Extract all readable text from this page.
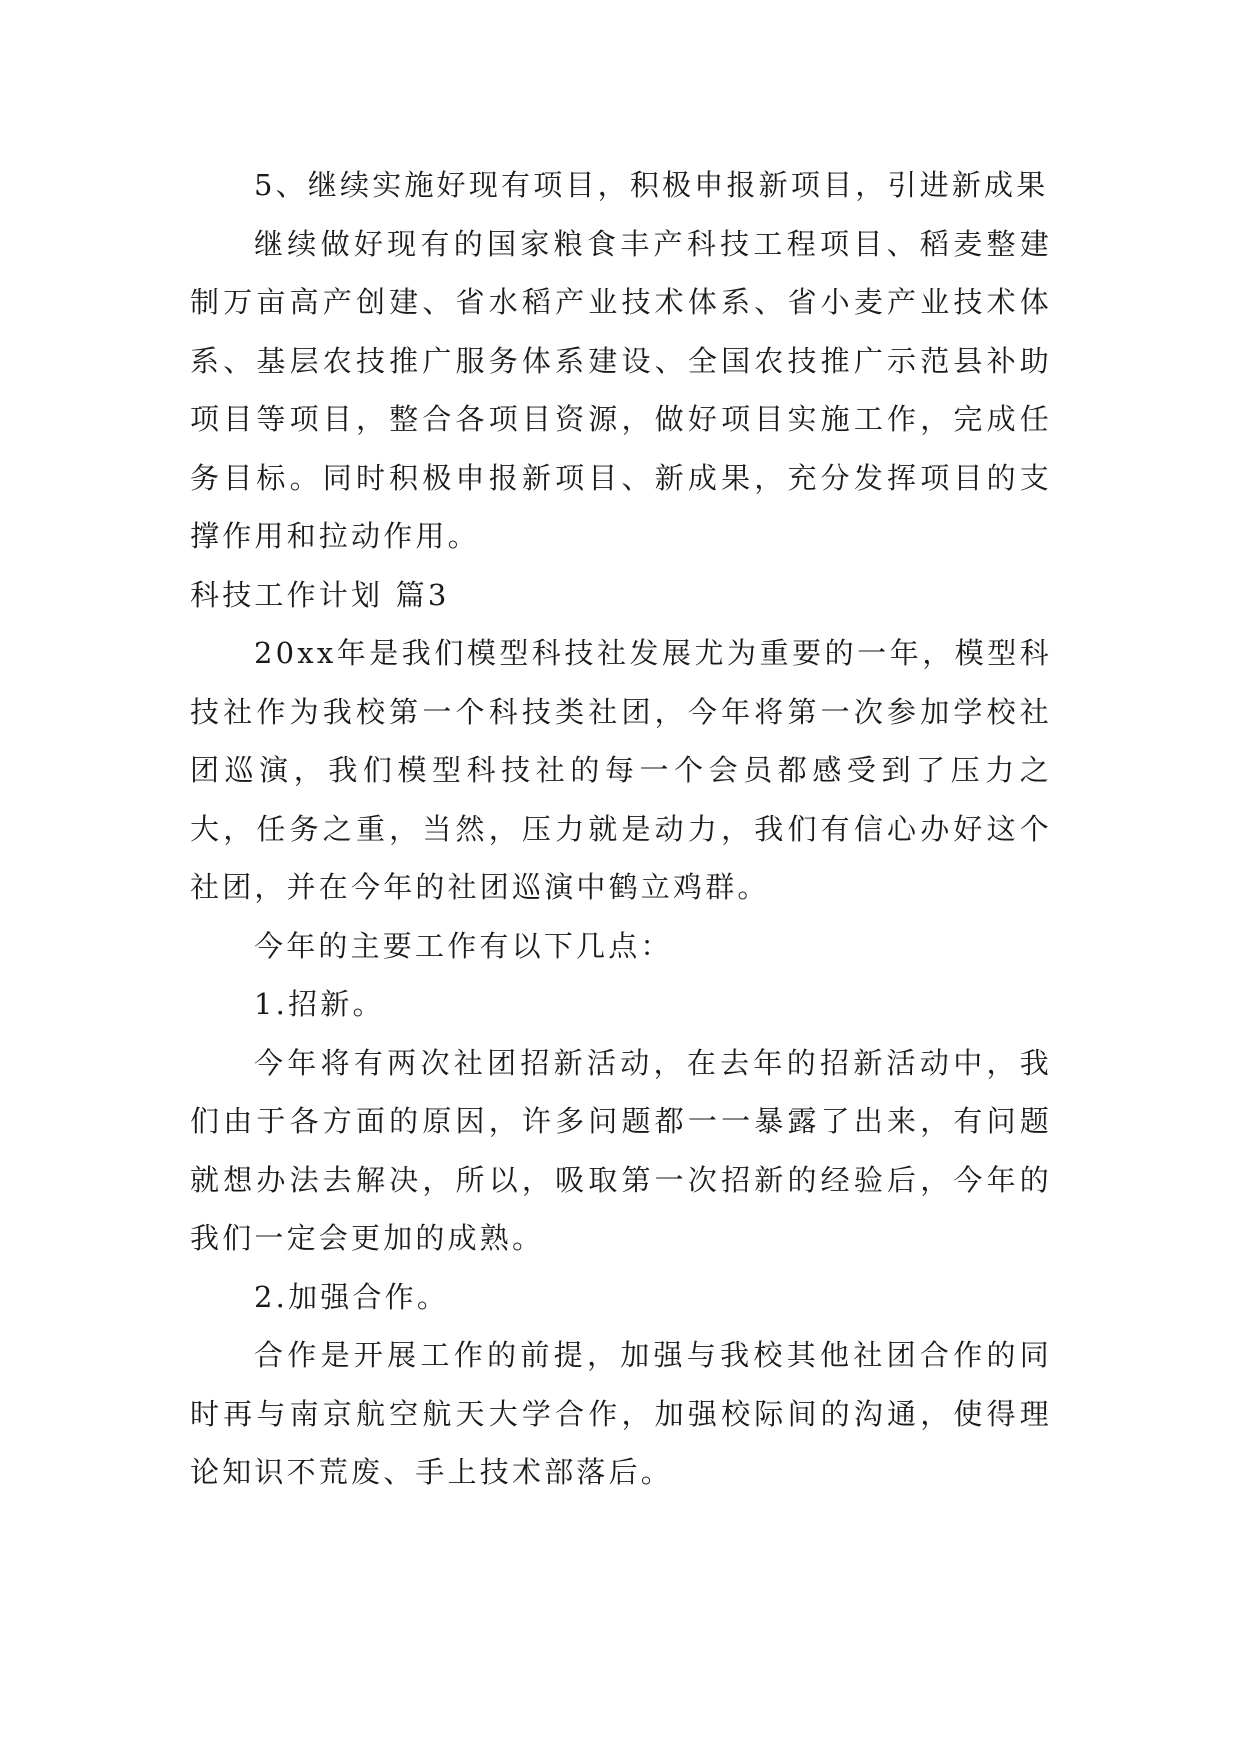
5、继续实施好现有项目，积极申报新项目，引进新成果

继续做好现有的国家粮食丰产科技工程项目、稻麦整建制万亩高产创建、省水稻产业技术体系、省小麦产业技术体系、基层农技推广服务体系建设、全国农技推广示范县补助项目等项目，整合各项目资源，做好项目实施工作，完成任务目标。同时积极申报新项目、新成果，充分发挥项目的支撑作用和拉动作用。

科技工作计划 篇3

20xx年是我们模型科技社发展尤为重要的一年，模型科技社作为我校第一个科技类社团，今年将第一次参加学校社团巡演，我们模型科技社的每一个会员都感受到了压力之大，任务之重，当然，压力就是动力，我们有信心办好这个社团，并在今年的社团巡演中鹤立鸡群。

今年的主要工作有以下几点：

1.招新。

今年将有两次社团招新活动，在去年的招新活动中，我们由于各方面的原因，许多问题都一一暴露了出来，有问题就想办法去解决，所以，吸取第一次招新的经验后，今年的我们一定会更加的成熟。

2.加强合作。

合作是开展工作的前提，加强与我校其他社团合作的同时再与南京航空航天大学合作，加强校际间的沟通，使得理论知识不荒废、手上技术部落后。
